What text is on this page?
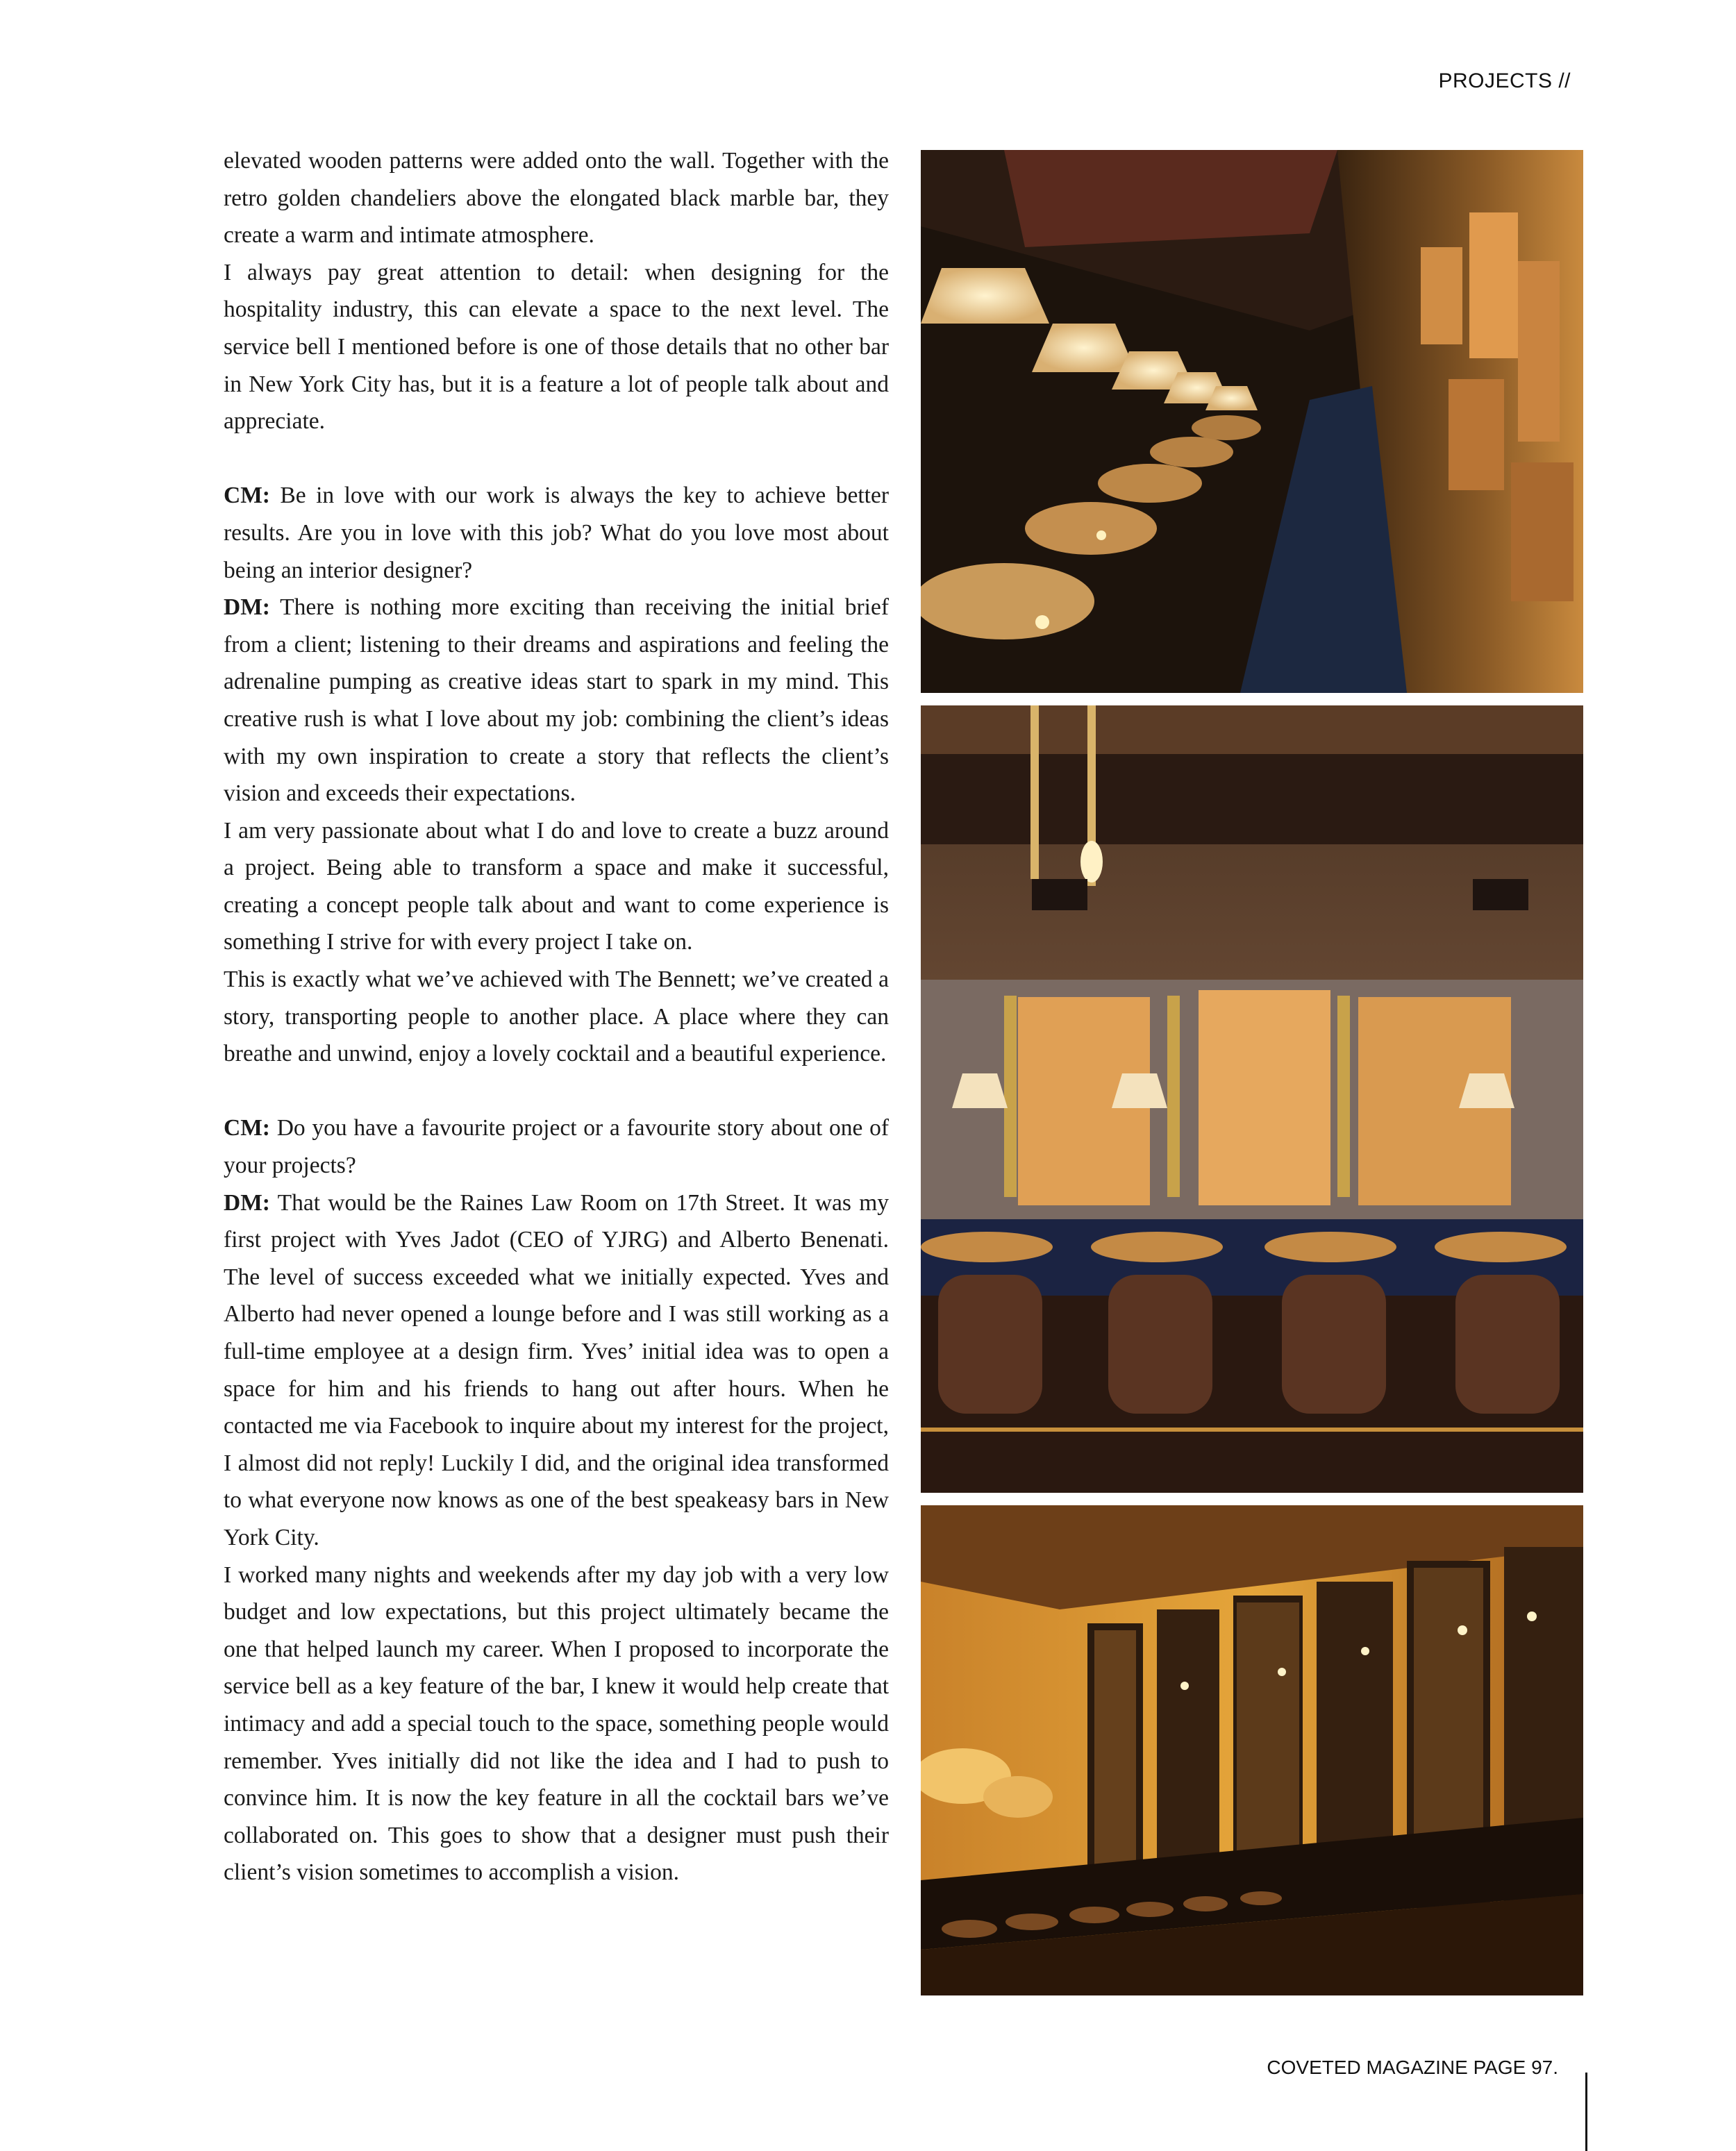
PROJECTS //

elevated wooden patterns were added onto the wall. Together with the retro golden chandeliers above the elongated black marble bar, they create a warm and intimate atmosphere.

I always pay great attention to detail: when designing for the hospitality industry, this can elevate a space to the next level. The service bell I mentioned before is one of those details that no other bar in New York City has, but it is a feature a lot of people talk about and appreciate.

CM: Be in love with our work is always the key to achieve better results. Are you in love with this job? What do you love most about being an interior designer?

DM: There is nothing more exciting than receiving the initial brief from a client; listening to their dreams and aspirations and feeling the adrenaline pumping as creative ideas start to spark in my mind. This creative rush is what I love about my job: combining the client’s ideas with my own inspiration to create a story that reflects the client’s vision and exceeds their expectations.

I am very passionate about what I do and love to create a buzz around a project. Being able to transform a space and make it successful, creating a concept people talk about and want to come experience is something I strive for with every project I take on.

This is exactly what we’ve achieved with The Bennett; we’ve created a story, transporting people to another place. A place where they can breathe and unwind, enjoy a lovely cocktail and a beautiful experience.

CM: Do you have a favourite project or a favourite story about one of your projects?

DM: That would be the Raines Law Room on 17th Street. It was my first project with Yves Jadot (CEO of YJRG) and Alberto Benenati. The level of success exceeded what we initially expected. Yves and Alberto had never opened a lounge before and I was still working as a full-time employee at a design firm. Yves’ initial idea was to open a space for him and his friends to hang out after hours. When he contacted me via Facebook to inquire about my interest for the project, I almost did not reply! Luckily I did, and the original idea transformed to what everyone now knows as one of the best speakeasy bars in New York City.

I worked many nights and weekends after my day job with a very low budget and low expectations, but this project ultimately became the one that helped launch my career. When I proposed to incorporate the service bell as a key feature of the bar, I knew it would help create that intimacy and add a special touch to the space, something people would remember. Yves initially did not like the idea and I had to push to convince him. It is now the key feature in all the cocktail bars we’ve collaborated on. This goes to show that a designer must push their client’s vision sometimes to accomplish a vision.

COVETED MAGAZINE PAGE 97.
